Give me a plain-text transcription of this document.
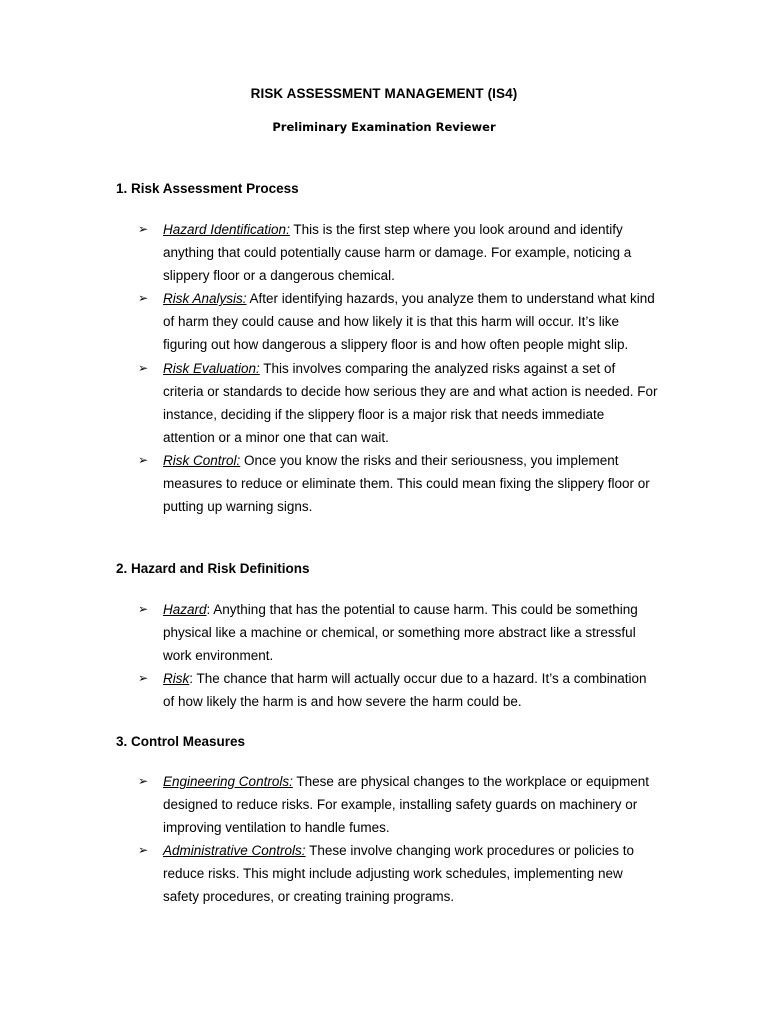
RISK ASSESSMENT MANAGEMENT (IS4)
Preliminary Examination Reviewer
1. Risk Assessment Process
➢ Hazard Identification: This is the first step where you look around and identify anything that could potentially cause harm or damage. For example, noticing a slippery floor or a dangerous chemical.
➢ Risk Analysis: After identifying hazards, you analyze them to understand what kind of harm they could cause and how likely it is that this harm will occur. It’s like figuring out how dangerous a slippery floor is and how often people might slip.
➢ Risk Evaluation: This involves comparing the analyzed risks against a set of criteria or standards to decide how serious they are and what action is needed. For instance, deciding if the slippery floor is a major risk that needs immediate attention or a minor one that can wait.
➢ Risk Control: Once you know the risks and their seriousness, you implement measures to reduce or eliminate them. This could mean fixing the slippery floor or putting up warning signs.
2. Hazard and Risk Definitions
➢ Hazard: Anything that has the potential to cause harm. This could be something physical like a machine or chemical, or something more abstract like a stressful work environment.
➢ Risk: The chance that harm will actually occur due to a hazard. It’s a combination of how likely the harm is and how severe the harm could be.
3. Control Measures
➢ Engineering Controls: These are physical changes to the workplace or equipment designed to reduce risks. For example, installing safety guards on machinery or improving ventilation to handle fumes.
➢ Administrative Controls: These involve changing work procedures or policies to reduce risks. This might include adjusting work schedules, implementing new safety procedures, or creating training programs.
